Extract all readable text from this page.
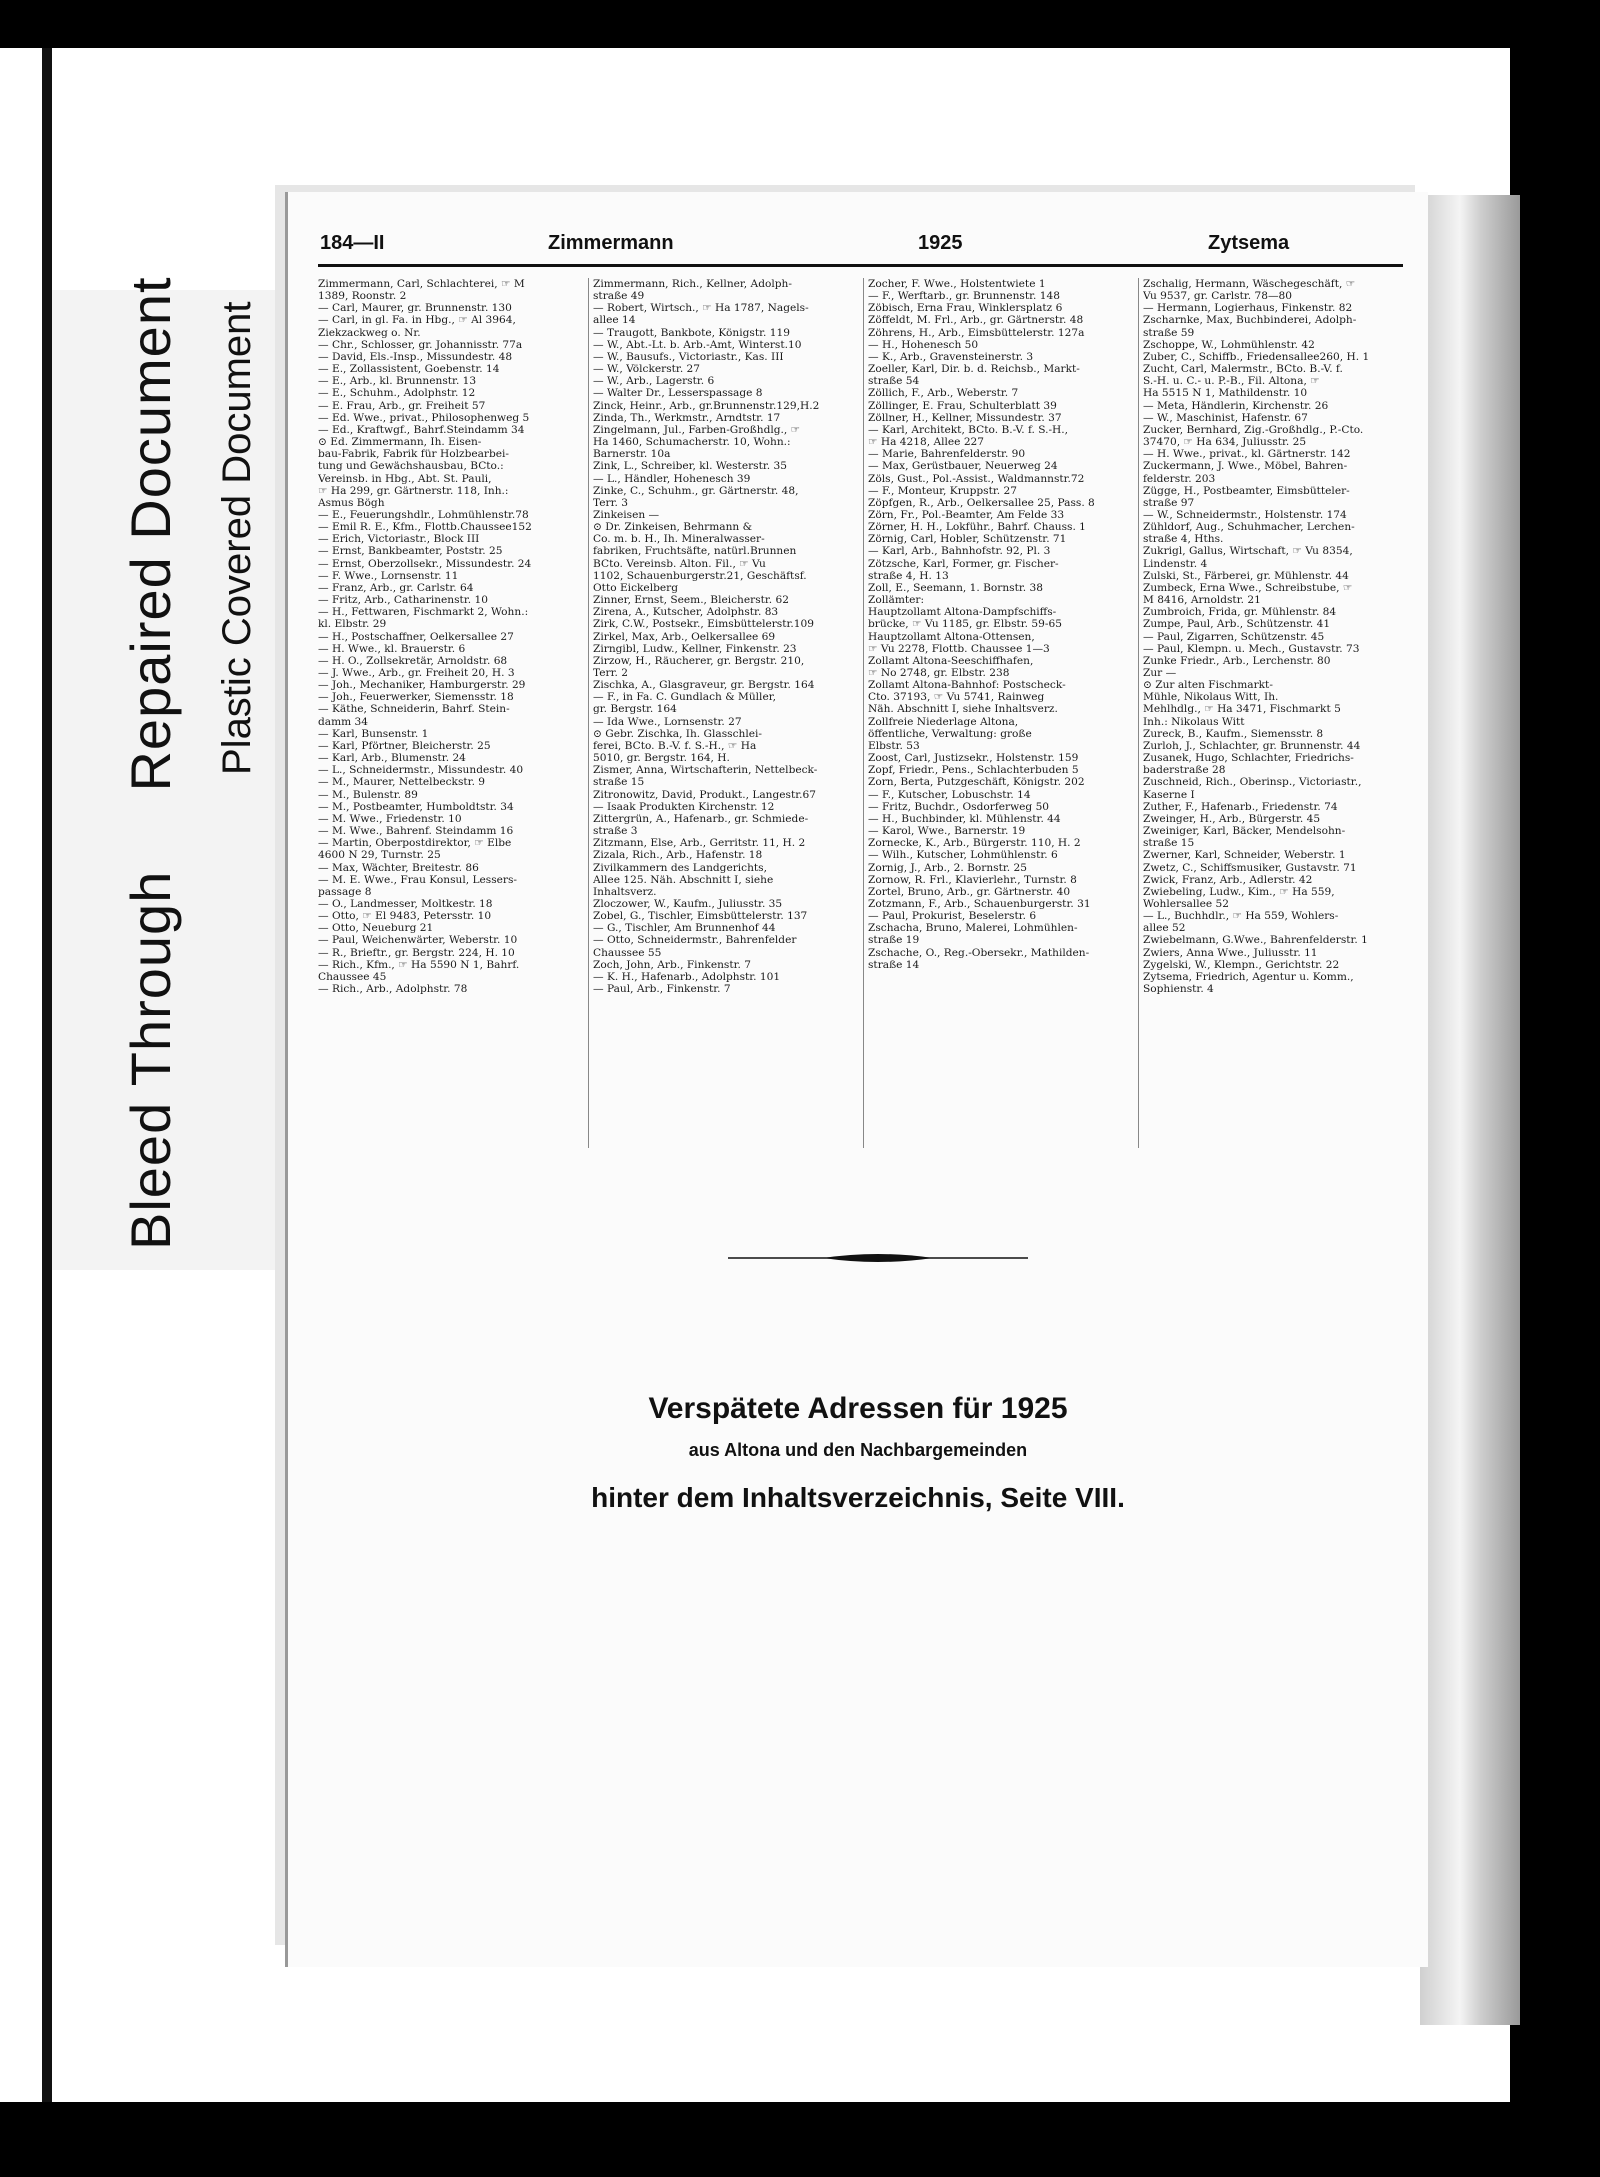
Bleed Through  Repaired Document Plastic Covered Document
184—II	Zimmermann	1925	Zytsema
Zimmermann, Carl, Schlachterei, ☞ M
1389, Roonstr. 2
— Carl, Maurer, gr. Brunnenstr. 130
— Carl, in gl. Fa. in Hbg., ☞ Al 3964,
Ziekzackweg o. Nr.
— Chr., Schlosser, gr. Johannisstr. 77a
— David, Els.-Insp., Missundestr. 48
— E., Zollassistent, Goebenstr. 14
— E., Arb., kl. Brunnenstr. 13
— E., Schuhm., Adolphstr. 12
— E. Frau, Arb., gr. Freiheit 57
— Ed. Wwe., privat., Philosophenweg 5
— Ed., Kraftwgf., Bahrf.Steindamm 34
⊙ Ed. Zimmermann, Ih. Eisen-
bau-Fabrik, Fabrik für Holzbearbei-
tung und Gewächshausbau, BCto.:
Vereinsb. in Hbg., Abt. St. Pauli,
☞ Ha 299, gr. Gärtnerstr. 118, Inh.:
Asmus Bögh
— E., Feuerungshdlr., Lohmühlenstr.78
— Emil R. E., Kfm., Flottb.Chaussee152
— Erich, Victoriastr., Block III
— Ernst, Bankbeamter, Poststr. 25
— Ernst, Oberzollsekr., Missundestr. 24
— F. Wwe., Lornsenstr. 11
— Franz, Arb., gr. Carlstr. 64
— Fritz, Arb., Catharinenstr. 10
— H., Fettwaren, Fischmarkt 2, Wohn.:
kl. Elbstr. 29
— H., Postschaffner, Oelkersallee 27
— H. Wwe., kl. Brauerstr. 6
— H. O., Zollsekretär, Arnoldstr. 68
— J. Wwe., Arb., gr. Freiheit 20, H. 3
— Joh., Mechaniker, Hamburgerstr. 29
— Joh., Feuerwerker, Siemensstr. 18
— Käthe, Schneiderin, Bahrf. Stein-
damm 34
— Karl, Bunsenstr. 1
— Karl, Pförtner, Bleicherstr. 25
— Karl, Arb., Blumenstr. 24
— L., Schneidermstr., Missundestr. 40
— M., Maurer, Nettelbeckstr. 9
— M., Bulenstr. 89
— M., Postbeamter, Humboldtstr. 34
— M. Wwe., Friedenstr. 10
— M. Wwe., Bahrenf. Steindamm 16
— Martin, Oberpostdirektor, ☞ Elbe
4600 N 29, Turnstr. 25
— Max, Wächter, Breitestr. 86
— M. E. Wwe., Frau Konsul, Lessers-
passage 8
— O., Landmesser, Moltkestr. 18
— Otto, ☞ El 9483, Petersstr. 10
— Otto, Neueburg 21
— Paul, Weichenwärter, Weberstr. 10
— R., Brieftr., gr. Bergstr. 224, H. 10
— Rich., Kfm., ☞ Ha 5590 N 1, Bahrf.
Chaussee 45
— Rich., Arb., Adolphstr. 78
Zimmermann, Rich., Kellner, Adolph-
straße 49
— Robert, Wirtsch., ☞ Ha 1787, Nagels-
allee 14
— Traugott, Bankbote, Königstr. 119
— W., Abt.-Lt. b. Arb.-Amt, Winterst.10
— W., Bausufs., Victoriastr., Kas. III
— W., Völckerstr. 27
— W., Arb., Lagerstr. 6
— Walter Dr., Lesserspassage 8
Zinck, Heinr., Arb., gr.Brunnenstr.129,H.2
Zinda, Th., Werkmstr., Arndtstr. 17
Zingelmann, Jul., Farben-Großhdlg., ☞
Ha 1460, Schumacherstr. 10, Wohn.:
Barnerstr. 10a
Zink, L., Schreiber, kl. Westerstr. 35
— L., Händler, Hohenesch 39
Zinke, C., Schuhm., gr. Gärtnerstr. 48,
Terr. 3
Zinkeisen —
⊙ Dr. Zinkeisen, Behrmann &
Co. m. b. H., Ih. Mineralwasser-
fabriken, Fruchtsäfte, natürl.Brunnen
BCto. Vereinsb. Alton. Fil., ☞ Vu
1102, Schauenburgerstr.21, Geschäftsf.
Otto Eickelberg
Zinner, Ernst, Seem., Bleicherstr. 62
Zirena, A., Kutscher, Adolphstr. 83
Zirk, C.W., Postsekr., Eimsbüttelerstr.109
Zirkel, Max, Arb., Oelkersallee 69
Zirngibl, Ludw., Kellner, Finkenstr. 23
Zirzow, H., Räucherer, gr. Bergstr. 210,
Terr. 2
Zischka, A., Glasgraveur, gr. Bergstr. 164
— F., in Fa. C. Gundlach & Müller,
gr. Bergstr. 164
— Ida Wwe., Lornsenstr. 27
⊙ Gebr. Zischka, Ih. Glasschlei-
ferei, BCto. B.-V. f. S.-H., ☞ Ha
5010, gr. Bergstr. 164, H.
Zismer, Anna, Wirtschafterin, Nettelbeck-
straße 15
Zitronowitz, David, Produkt., Langestr.67
— Isaak Produkten Kirchenstr. 12
Zittergrün, A., Hafenarb., gr. Schmiede-
straße 3
Zitzmann, Else, Arb., Gerritstr. 11, H. 2
Zizala, Rich., Arb., Hafenstr. 18
Zivilkammern des Landgerichts,
Allee 125. Näh. Abschnitt I, siehe
Inhaltsverz.
Zloczower, W., Kaufm., Juliusstr. 35
Zobel, G., Tischler, Eimsbüttelerstr. 137
— G., Tischler, Am Brunnenhof 44
— Otto, Schneidermstr., Bahrenfelder
Chaussee 55
Zoch, John, Arb., Finkenstr. 7
— K. H., Hafenarb., Adolphstr. 101
— Paul, Arb., Finkenstr. 7
Zocher, F. Wwe., Holstentwiete 1
— F., Werftarb., gr. Brunnenstr. 148
Zöbisch, Erna Frau, Winklersplatz 6
Zöffeldt, M. Frl., Arb., gr. Gärtnerstr. 48
Zöhrens, H., Arb., Eimsbüttelerstr. 127a
— H., Hohenesch 50
— K., Arb., Gravensteinerstr. 3
Zoeller, Karl, Dir. b. d. Reichsb., Markt-
straße 54
Zöllich, F., Arb., Weberstr. 7
Zöllinger, E. Frau, Schulterblatt 39
Zöllner, H., Kellner, Missundestr. 37
— Karl, Architekt, BCto. B.-V. f. S.-H.,
☞ Ha 4218, Allee 227
— Marie, Bahrenfelderstr. 90
— Max, Gerüstbauer, Neuerweg 24
Zöls, Gust., Pol.-Assist., Waldmannstr.72
— F., Monteur, Kruppstr. 27
Zöpfgen, R., Arb., Oelkersallee 25, Pass. 8
Zörn, Fr., Pol.-Beamter, Am Felde 33
Zörner, H. H., Lokführ., Bahrf. Chauss. 1
Zörnig, Carl, Hobler, Schützenstr. 71
— Karl, Arb., Bahnhofstr. 92, Pl. 3
Zötzsche, Karl, Former, gr. Fischer-
straße 4, H. 13
Zoll, E., Seemann, 1. Bornstr. 38
Zollämter:
Hauptzollamt Altona-Dampfschiffs-
brücke, ☞ Vu 1185, gr. Elbstr. 59-65
Hauptzollamt Altona-Ottensen,
☞ Vu 2278, Flottb. Chaussee 1—3
Zollamt Altona-Seeschiffhafen,
☞ No 2748, gr. Elbstr. 238
Zollamt Altona-Bahnhof: Postscheck-
Cto. 37193, ☞ Vu 5741, Rainweg
Näh. Abschnitt I, siehe Inhaltsverz.
Zollfreie Niederlage Altona,
öffentliche, Verwaltung: große
Elbstr. 53
Zoost, Carl, Justizsekr., Holstenstr. 159
Zopf, Friedr., Pens., Schlachterbuden 5
Zorn, Berta, Putzgeschäft, Königstr. 202
— F., Kutscher, Lobuschstr. 14
— Fritz, Buchdr., Osdorferweg 50
— H., Buchbinder, kl. Mühlenstr. 44
— Karol, Wwe., Barnerstr. 19
Zornecke, K., Arb., Bürgerstr. 110, H. 2
— Wilh., Kutscher, Lohmühlenstr. 6
Zornig, J., Arb., 2. Bornstr. 25
Zornow, R. Frl., Klavierlehr., Turnstr. 8
Zortel, Bruno, Arb., gr. Gärtnerstr. 40
Zotzmann, F., Arb., Schauenburgerstr. 31
— Paul, Prokurist, Beselerstr. 6
Zschacha, Bruno, Malerei, Lohmühlen-
straße 19
Zschache, O., Reg.-Obersekr., Mathilden-
straße 14
Zschalig, Hermann, Wäschegeschäft, ☞
Vu 9537, gr. Carlstr. 78—80
— Hermann, Logierhaus, Finkenstr. 82
Zscharnke, Max, Buchbinderei, Adolph-
straße 59
Zschoppe, W., Lohmühlenstr. 42
Zuber, C., Schiffb., Friedensallee260, H. 1
Zucht, Carl, Malermstr., BCto. B.-V. f.
S.-H. u. C.- u. P.-B., Fil. Altona, ☞
Ha 5515 N 1, Mathildenstr. 10
— Meta, Händlerin, Kirchenstr. 26
— W., Maschinist, Hafenstr. 67
Zucker, Bernhard, Zig.-Großhdlg., P.-Cto.
37470, ☞ Ha 634, Juliusstr. 25
— H. Wwe., privat., kl. Gärtnerstr. 142
Zuckermann, J. Wwe., Möbel, Bahren-
felderstr. 203
Zügge, H., Postbeamter, Eimsbütteler-
straße 97
— W., Schneidermstr., Holstenstr. 174
Zühldorf, Aug., Schuhmacher, Lerchen-
straße 4, Hths.
Zukrigl, Gallus, Wirtschaft, ☞ Vu 8354,
Lindenstr. 4
Zulski, St., Färberei, gr. Mühlenstr. 44
Zumbeck, Erna Wwe., Schreibstube, ☞
M 8416, Arnoldstr. 21
Zumbroich, Frida, gr. Mühlenstr. 84
Zumpe, Paul, Arb., Schützenstr. 41
— Paul, Zigarren, Schützenstr. 45
— Paul, Klempn. u. Mech., Gustavstr. 73
Zunke Friedr., Arb., Lerchenstr. 80
Zur —
⊙ Zur alten Fischmarkt-
Mühle, Nikolaus Witt, Ih.
Mehlhdlg., ☞ Ha 3471, Fischmarkt 5
Inh.: Nikolaus Witt
Zureck, B., Kaufm., Siemensstr. 8
Zurloh, J., Schlachter, gr. Brunnenstr. 44
Zusanek, Hugo, Schlachter, Friedrichs-
baderstraße 28
Zuschneid, Rich., Oberinsp., Victoriastr.,
Kaserne I
Zuther, F., Hafenarb., Friedenstr. 74
Zweinger, H., Arb., Bürgerstr. 45
Zweiniger, Karl, Bäcker, Mendelsohn-
straße 15
Zwerner, Karl, Schneider, Weberstr. 1
Zwetz, C., Schiffsmusiker, Gustavstr. 71
Zwick, Franz, Arb., Adlerstr. 42
Zwiebeling, Ludw., Kim., ☞ Ha 559,
Wohlersallee 52
— L., Buchhdlr., ☞ Ha 559, Wohlers-
allee 52
Zwiebelmann, G.Wwe., Bahrenfelderstr. 1
Zwiers, Anna Wwe., Juliusstr. 11
Zygelski, W., Klempn., Gerichtstr. 22
Zytsema, Friedrich, Agentur u. Komm.,
Sophienstr. 4
Verspätete Adressen für 1925
aus Altona und den Nachbargemeinden
hinter dem Inhaltsverzeichnis, Seite VIII.
